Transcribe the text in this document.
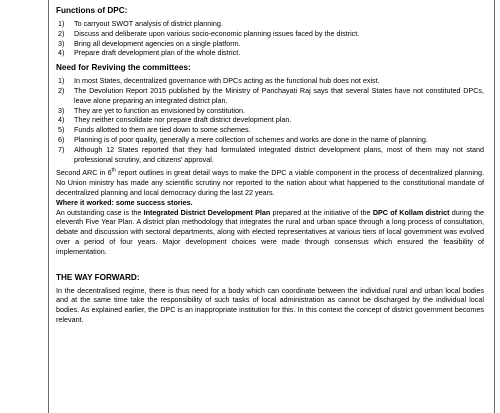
Functions of DPC:
1)	To carryout SWOT analysis of district planning.
2)	Discuss and deliberate upon various socio-economic planning issues faced by the district.
3)	Bring all development agencies on a single platform.
4)	Prepare draft development plan of the whole district.
Need for Reviving the committees:
1)	In most States, decentralized governance with DPCs acting as the functional hub does not exist.
2)	The Devolution Report 2015 published by the Ministry of Panchayati Raj says that several States have not constituted DPCs, leave alone preparing an integrated district plan.
3)	They are yet to function as envisioned by constitution.
4)	They neither consolidate nor prepare draft district development plan.
5)	Funds allotted to them are tied down to some schemes.
6)	Planning is of poor quality, generally a mere collection of schemes and works are done in the name of planning.
7)	Although 12 States reported that they had formulated integrated district development plans, most of them may not stand professional scrutiny, and citizens' approval.

Second ARC in 6th report outlines in great detail ways to make the DPC a viable component in the process of decentralized planning. No Union ministry has made any scientific scrutiny nor reported to the nation about what happened to the constitutional mandate of decentralized planning and local democracy during the last 22 years.

Where it worked: some success stories.

An outstanding case is the Integrated District Development Plan prepared at the initiative of the DPC of Kollam district during the eleventh Five Year Plan. A district plan methodology that integrates the rural and urban space through a long process of consultation, debate and discussion with sectoral departments, along with elected representatives at various tiers of local government was evolved over a period of four years. Major development choices were made through consensus which ensured the feasibility of implementation.

THE WAY FORWARD:

In the decentralised regime, there is thus need for a body which can coordinate between the individual rural and urban local bodies and at the same time take the responsibility of such tasks of local administration as cannot be discharged by the individual local bodies. As explained earlier, the DPC is an inappropriate institution for this. In this context the concept of district government becomes relevant.
